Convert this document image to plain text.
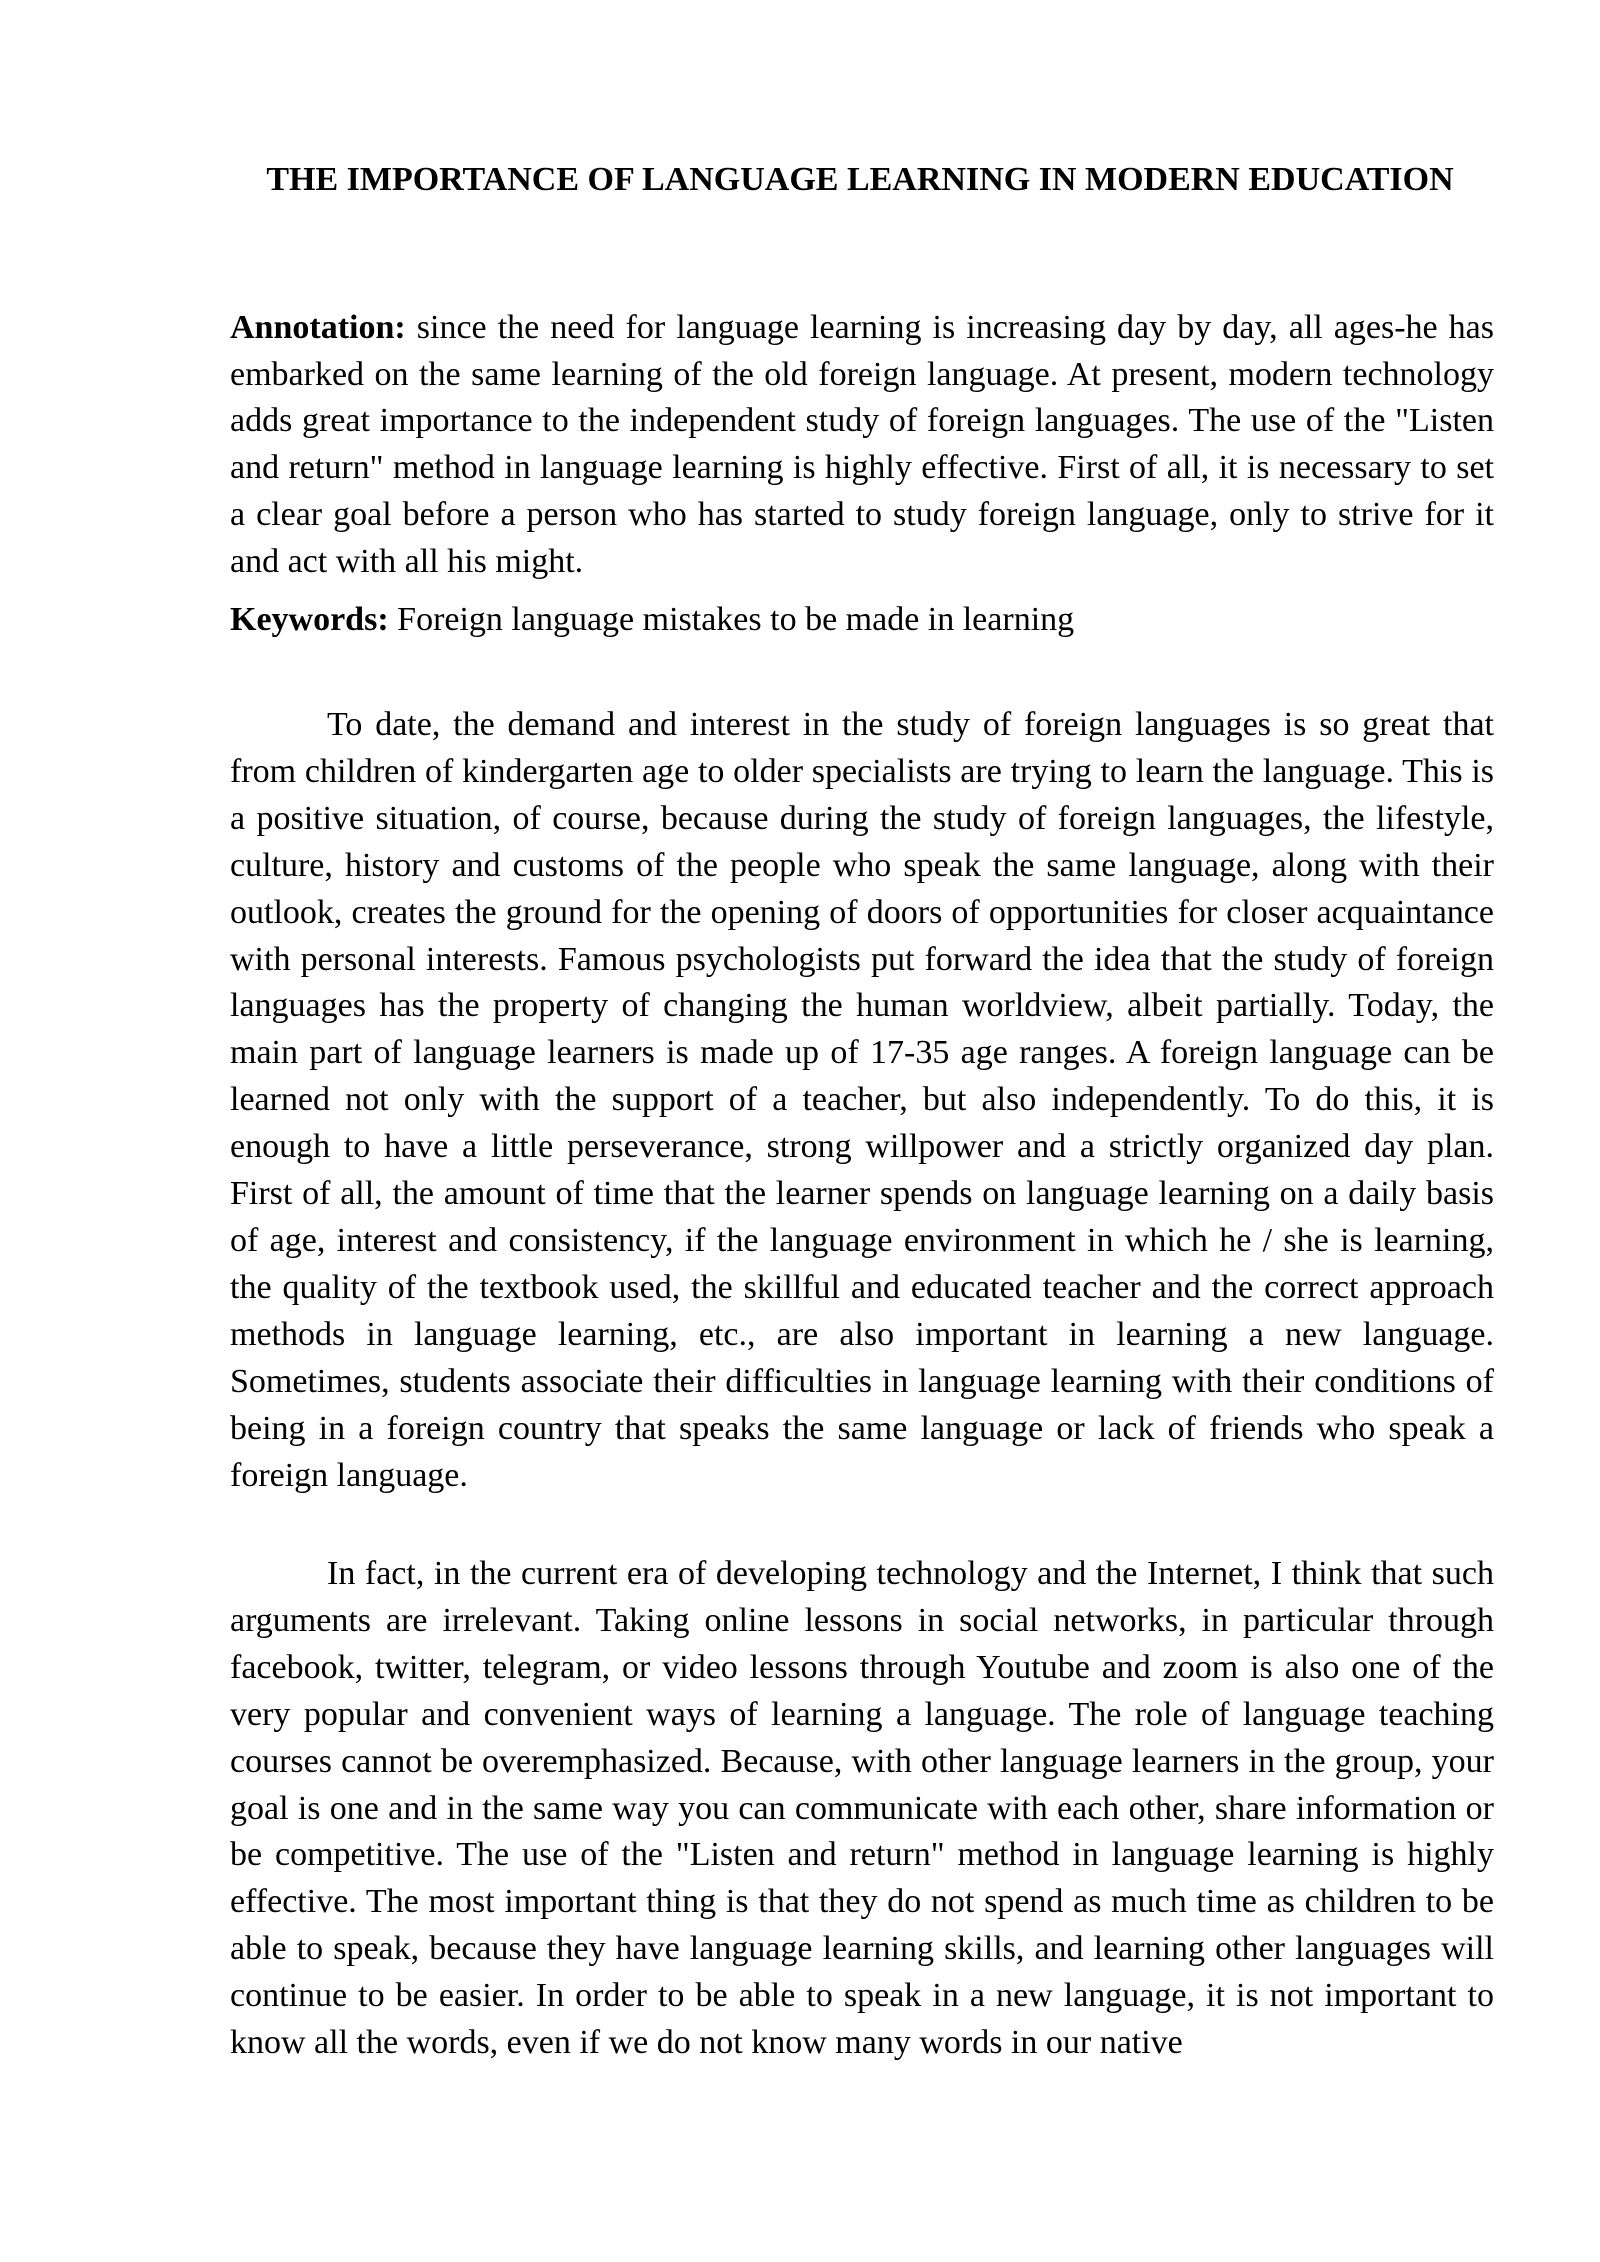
THE IMPORTANCE OF LANGUAGE LEARNING IN MODERN EDUCATION

Annotation: since the need for language learning is increasing day by day, all ages-he has embarked on the same learning of the old foreign language. At present, modern technology adds great importance to the independent study of foreign languages. The use of the "Listen and return" method in language learning is highly effective. First of all, it is necessary to set a clear goal before a person who has started to study foreign language, only to strive for it and act with all his might.

Keywords: Foreign language mistakes to be made in learning

To date, the demand and interest in the study of foreign languages is so great that from children of kindergarten age to older specialists are trying to learn the language. This is a positive situation, of course, because during the study of foreign languages, the lifestyle, culture, history and customs of the people who speak the same language, along with their outlook, creates the ground for the opening of doors of opportunities for closer acquaintance with personal interests. Famous psychologists put forward the idea that the study of foreign languages has the property of changing the human worldview, albeit partially. Today, the main part of language learners is made up of 17-35 age ranges. A foreign language can be learned not only with the support of a teacher, but also independently. To do this, it is enough to have a little perseverance, strong willpower and a strictly organized day plan. First of all, the amount of time that the learner spends on language learning on a daily basis of age, interest and consistency, if the language environment in which he / she is learning, the quality of the textbook used, the skillful and educated teacher and the correct approach methods in language learning, etc., are also important in learning a new language. Sometimes, students associate their difficulties in language learning with their conditions of being in a foreign country that speaks the same language or lack of friends who speak a foreign language.

In fact, in the current era of developing technology and the Internet, I think that such arguments are irrelevant. Taking online lessons in social networks, in particular through facebook, twitter, telegram, or video lessons through Youtube and zoom is also one of the very popular and convenient ways of learning a language. The role of language teaching courses cannot be overemphasized. Because, with other language learners in the group, your goal is one and in the same way you can communicate with each other, share information or be competitive. The use of the "Listen and return" method in language learning is highly effective. The most important thing is that they do not spend as much time as children to be able to speak, because they have language learning skills, and learning other languages will continue to be easier. In order to be able to speak in a new language, it is not important to know all the words, even if we do not know many words in our native
